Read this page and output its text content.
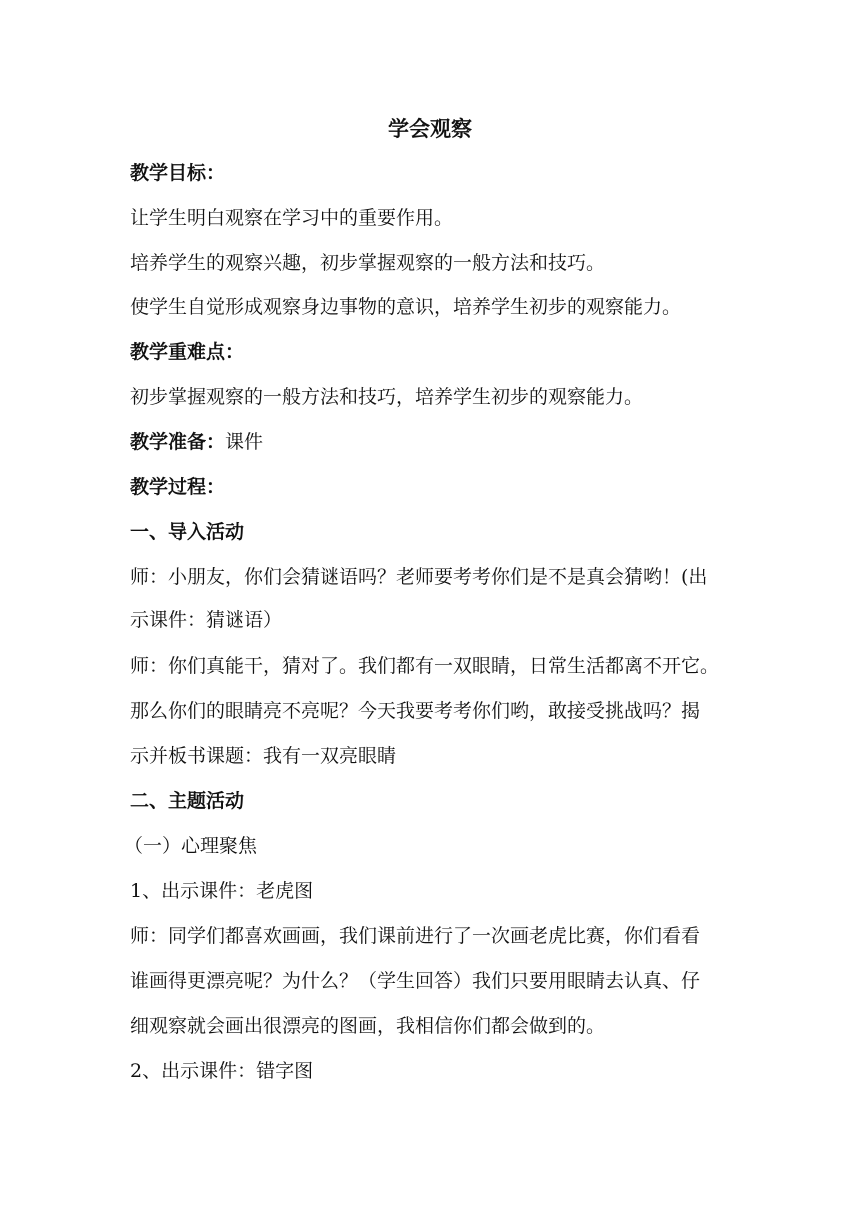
学会观察
教学目标：
让学生明白观察在学习中的重要作用。
培养学生的观察兴趣，初步掌握观察的一般方法和技巧。
使学生自觉形成观察身边事物的意识，培养学生初步的观察能力。
教学重难点：
初步掌握观察的一般方法和技巧，培养学生初步的观察能力。
教学准备：课件
教学过程：
一、导入活动
师：小朋友，你们会猜谜语吗？老师要考考你们是不是真会猜哟！(出
示课件：猜谜语）
师：你们真能干，猜对了。我们都有一双眼睛，日常生活都离不开它。
那么你们的眼睛亮不亮呢？今天我要考考你们哟，敢接受挑战吗？揭
示并板书课题：我有一双亮眼睛
二、主题活动
（一）心理聚焦
1、出示课件：老虎图
师：同学们都喜欢画画，我们课前进行了一次画老虎比赛，你们看看
谁画得更漂亮呢？为什么？（学生回答）我们只要用眼睛去认真、仔
细观察就会画出很漂亮的图画，我相信你们都会做到的。
2、出示课件：错字图
